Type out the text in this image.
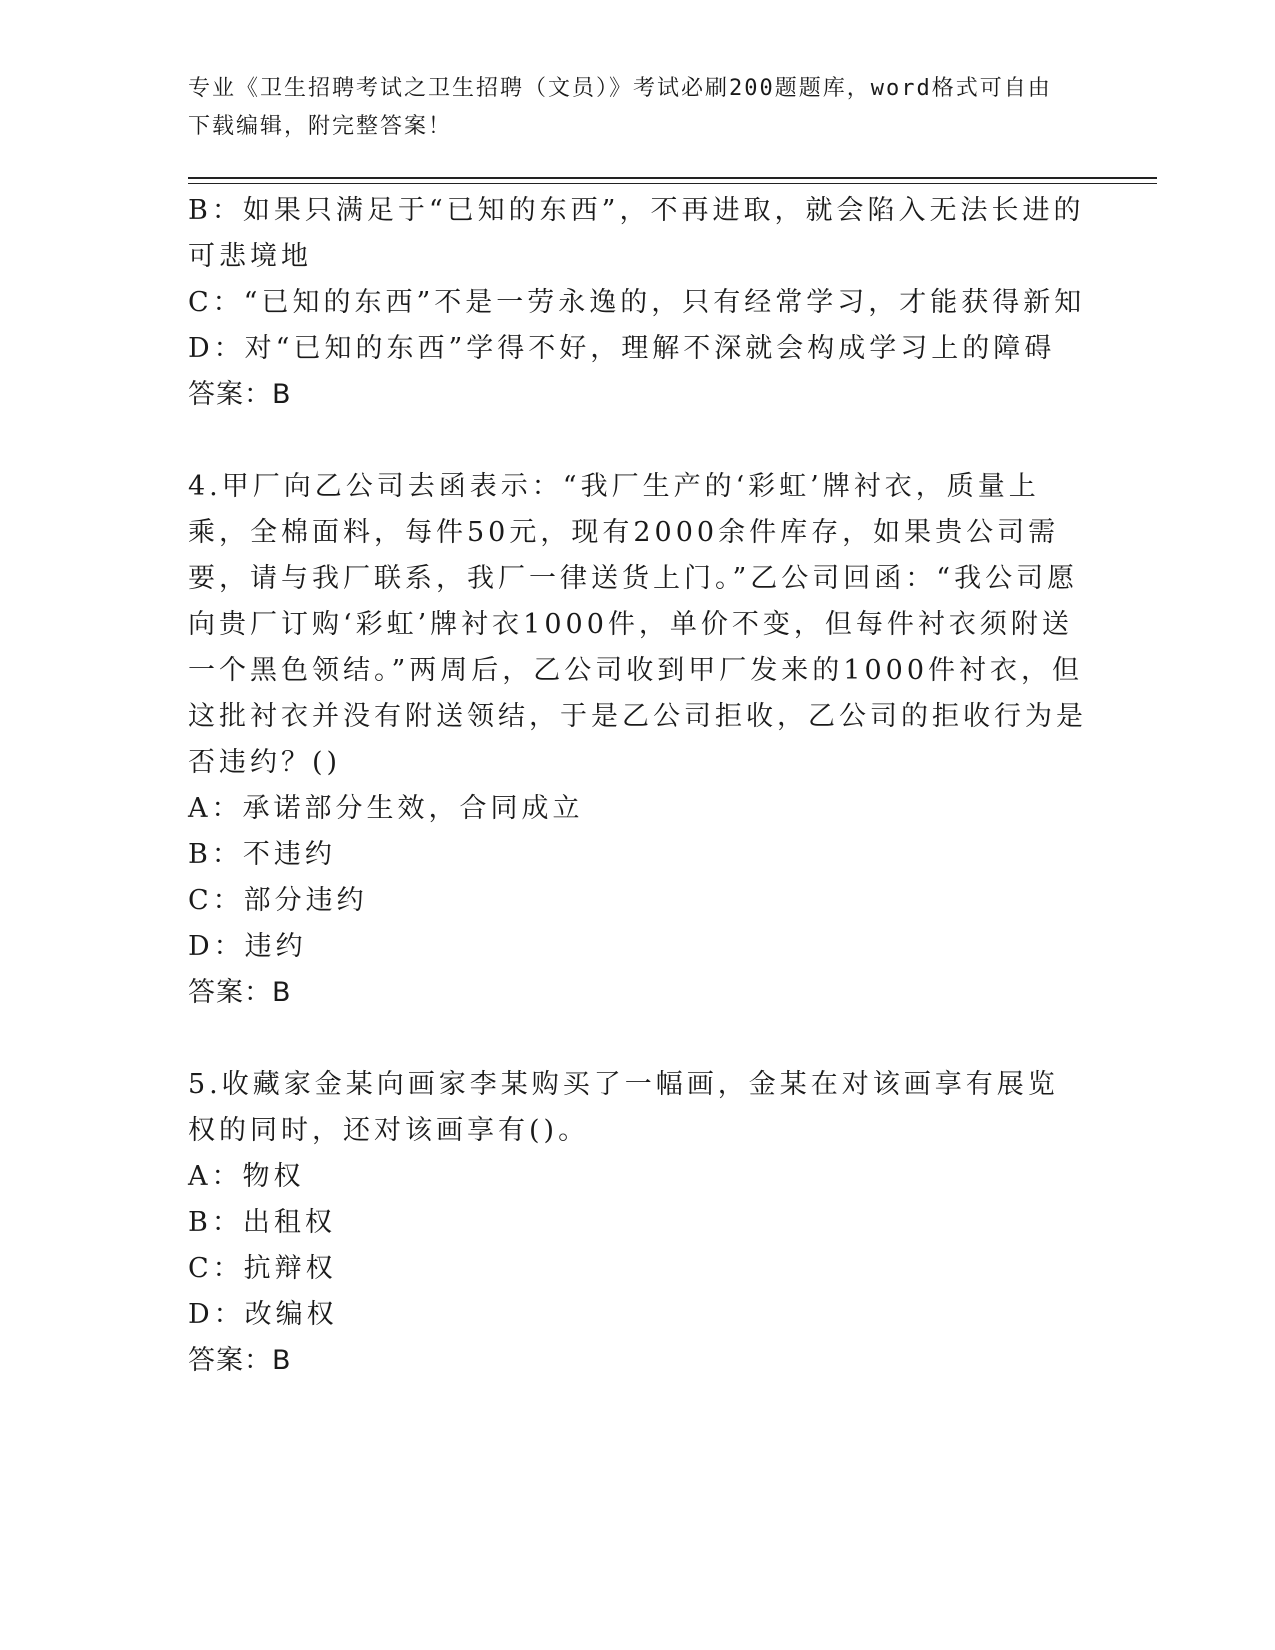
专业《卫生招聘考试之卫生招聘（文员）》考试必刷200题题库，word格式可自由下载编辑，附完整答案！

B：如果只满足于“已知的东西”，不再进取，就会陷入无法长进的可悲境地

C：“已知的东西”不是一劳永逸的，只有经常学习，才能获得新知

D：对“已知的东西”学得不好，理解不深就会构成学习上的障碍

答案：B

4.甲厂向乙公司去函表示：“我厂生产的‘彩虹’牌衬衣，质量上乘，全棉面料，每件50元，现有2000余件库存，如果贵公司需要，请与我厂联系，我厂一律送货上门。”乙公司回函：“我公司愿向贵厂订购‘彩虹’牌衬衣1000件，单价不变，但每件衬衣须附送一个黑色领结。”两周后，乙公司收到甲厂发来的1000件衬衣，但这批衬衣并没有附送领结，于是乙公司拒收，乙公司的拒收行为是否违约？()

A：承诺部分生效，合同成立

B：不违约

C：部分违约

D：违约

答案：B

5.收藏家金某向画家李某购买了一幅画，金某在对该画享有展览权的同时，还对该画享有()。

A：物权

B：出租权

C：抗辩权

D：改编权

答案：B
